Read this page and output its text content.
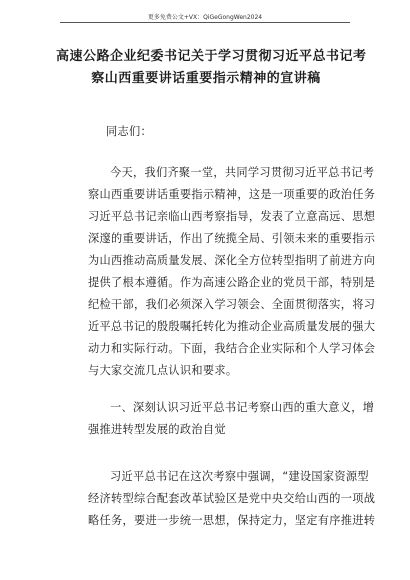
更多免费公文+VX：QiGeGongWen2024
高速公路企业纪委书记关于学习贯彻习近平总书记考
察山西重要讲话重要指示精神的宣讲稿
同志们：
今天，我们齐聚一堂，共同学习贯彻习近平总书记考
察山西重要讲话重要指示精神，这是一项重要的政治任务
习近平总书记亲临山西考察指导，发表了立意高远、思想
深邃的重要讲话，作出了统揽全局、引领未来的重要指示
为山西推动高质量发展、深化全方位转型指明了前进方向
提供了根本遵循。作为高速公路企业的党员干部，特别是
纪检干部，我们必须深入学习领会、全面贯彻落实，将习
近平总书记的殷殷嘱托转化为推动企业高质量发展的强大
动力和实际行动。下面，我结合企业实际和个人学习体会
与大家交流几点认识和要求。
一、深刻认识习近平总书记考察山西的重大意义，增
强推进转型发展的政治自觉
习近平总书记在这次考察中强调，“建设国家资源型
经济转型综合配套改革试验区是党中央交给山西的一项战
略任务，要进一步统一思想，保持定力，坚定有序推进转
